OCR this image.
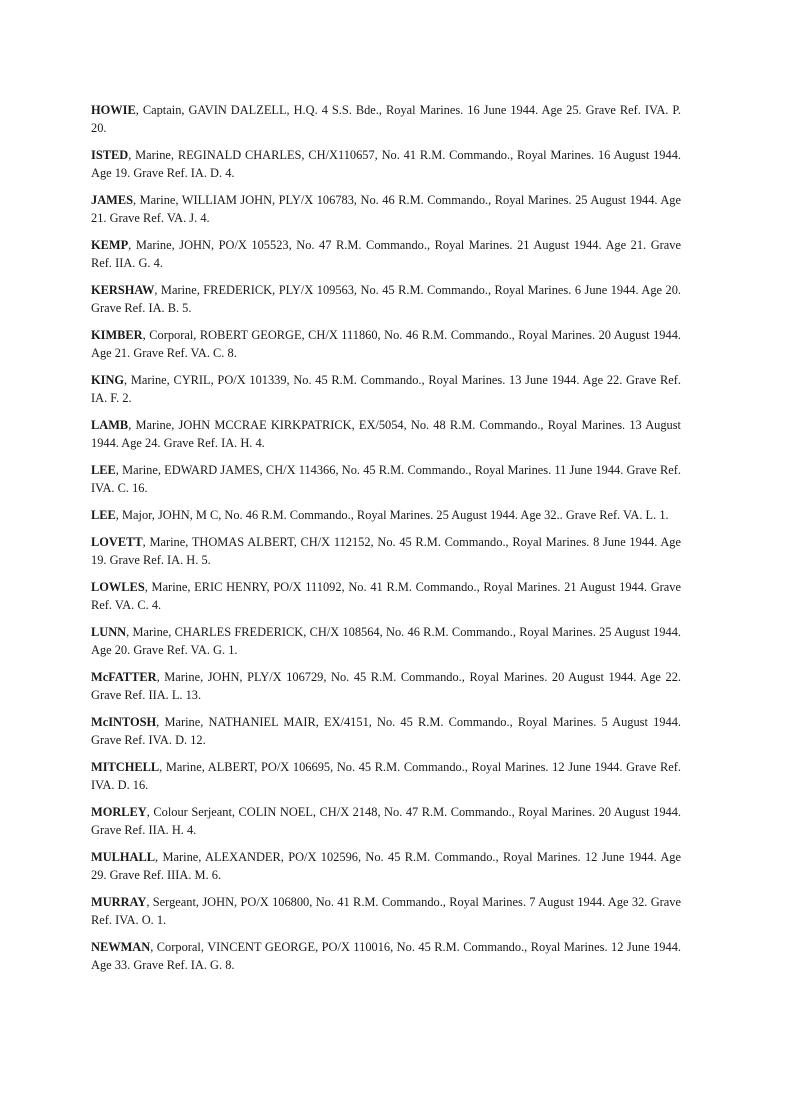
HOWIE, Captain, GAVIN DALZELL, H.Q. 4 S.S. Bde., Royal Marines. 16 June 1944. Age 25. Grave Ref. IVA. P. 20.

ISTED, Marine, REGINALD CHARLES, CH/X110657, No. 41 R.M. Commando., Royal Marines. 16 August 1944. Age 19. Grave Ref. IA. D. 4.

JAMES, Marine, WILLIAM JOHN, PLY/X 106783, No. 46 R.M. Commando., Royal Marines. 25 August 1944. Age 21. Grave Ref. VA. J. 4.

KEMP, Marine, JOHN, PO/X 105523, No. 47 R.M. Commando., Royal Marines. 21 August 1944. Age 21. Grave Ref. IIA. G. 4.

KERSHAW, Marine, FREDERICK, PLY/X 109563, No. 45 R.M. Commando., Royal Marines. 6 June 1944. Age 20. Grave Ref. IA. B. 5.

KIMBER, Corporal, ROBERT GEORGE, CH/X 111860, No. 46 R.M. Commando., Royal Marines. 20 August 1944. Age 21. Grave Ref. VA. C. 8.

KING, Marine, CYRIL, PO/X 101339, No. 45 R.M. Commando., Royal Marines. 13 June 1944. Age 22. Grave Ref. IA. F. 2.

LAMB, Marine, JOHN MCCRAE KIRKPATRICK, EX/5054, No. 48 R.M. Commando., Royal Marines. 13 August 1944. Age 24. Grave Ref. IA. H. 4.

LEE, Marine, EDWARD JAMES, CH/X 114366, No. 45 R.M. Commando., Royal Marines. 11 June 1944. Grave Ref. IVA. C. 16.

LEE, Major, JOHN, M C, No. 46 R.M. Commando., Royal Marines. 25 August 1944. Age 32.. Grave Ref. VA. L. 1.

LOVETT, Marine, THOMAS ALBERT, CH/X 112152, No. 45 R.M. Commando., Royal Marines. 8 June 1944. Age 19. Grave Ref. IA. H. 5.

LOWLES, Marine, ERIC HENRY, PO/X 111092, No. 41 R.M. Commando., Royal Marines. 21 August 1944. Grave Ref. VA. C. 4.

LUNN, Marine, CHARLES FREDERICK, CH/X 108564, No. 46 R.M. Commando., Royal Marines. 25 August 1944. Age 20. Grave Ref. VA. G. 1.

McFATTER, Marine, JOHN, PLY/X 106729, No. 45 R.M. Commando., Royal Marines. 20 August 1944. Age 22. Grave Ref. IIA. L. 13.

McINTOSH, Marine, NATHANIEL MAIR, EX/4151, No. 45 R.M. Commando., Royal Marines. 5 August 1944. Grave Ref. IVA. D. 12.

MITCHELL, Marine, ALBERT, PO/X 106695, No. 45 R.M. Commando., Royal Marines. 12 June 1944. Grave Ref. IVA. D. 16.

MORLEY, Colour Serjeant, COLIN NOEL, CH/X 2148, No. 47 R.M. Commando., Royal Marines. 20 August 1944. Grave Ref. IIA. H. 4.

MULHALL, Marine, ALEXANDER, PO/X 102596, No. 45 R.M. Commando., Royal Marines. 12 June 1944. Age 29. Grave Ref. IIIA. M. 6.

MURRAY, Sergeant, JOHN, PO/X 106800, No. 41 R.M. Commando., Royal Marines. 7 August 1944. Age 32. Grave Ref. IVA. O. 1.

NEWMAN, Corporal, VINCENT GEORGE, PO/X 110016, No. 45 R.M. Commando., Royal Marines. 12 June 1944. Age 33. Grave Ref. IA. G. 8.
